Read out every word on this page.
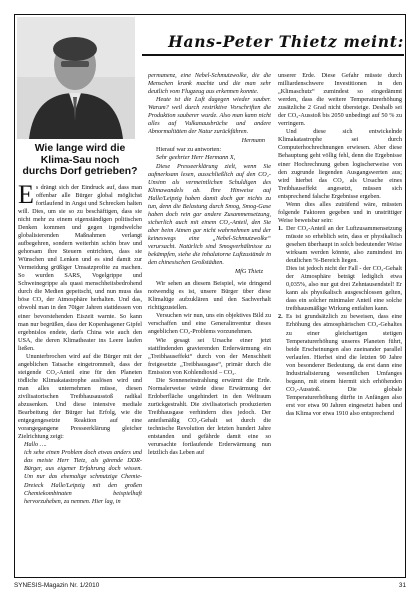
Hans-Peter Thietz meint:
Wie lange wird die
Klima-Sau noch
durchs Dorf getrieben?

Es drängt sich der Eindruck auf, dass man offenbar alle Bürger global möglichst fortlaufend in Angst und Schrecken halten will. Dies, um sie so zu beschäftigen, dass sie nicht mehr zu einem eigenständigen politischen Denken kommen und gegen irgendwelche globalisierenden Maßnahmen verlangt aufbegehren, sondern weiterhin schön brav und gehorsam ihre Steuern entrichten, dass sie Wünschen und Lenken und es sind damit zur Vermeidung grüßiger Umsatzprofite zu machen. So wurden SARS, Vogelgrippe und Schweinegrippe als quasi menschheitsbedrohend durch die Medien gepeitscht, und nun muss das böse CO₂ der Atmosphäre herhalten. Und das, obwohl man in den 70iger Jahren stattdessen von einer bevorstehenden Eiszeit warnte. So kann man nur begrüßen, dass der Kopenhagener Gipfel ergebnislos endete, darfs China wie auch den USA, die deren Klimatheater ins Leere laufen ließen.

Ununterbrochen wird auf die Bürger mit der angeblichen Tatsache eingetrommelt, dass der steigende CO₂-Anteil eine für den Planeten tödliche Klimakatastrophe auslösen wird und man alles unternehmen müsse, diesen zivilisatorischen Treibhausausstoß radikal abzusenken. Und diese intensive mediale Bearbeitung der Bürger hat Erfolg, wie die entgegengesetzte Reaktion auf eine vorangegangene Presseerklärung gleicher Zielrichtung zeigt:

Hallo ….

ich sehe einen Problem doch etwas anders und das meiste Herr Tietz, als gärende DDR-Bürger, aus eigener Erfahrung doch wissen. Um nur das ehemalige schmutzige Chemie-Dreieck Halle/Leipzig mit den großen Chemiekombinaten beispielhaft hervorzuheben, zu nennen. Hier lag, in

permanenz, eine Nebel-Schmutzwolke, die die Menschen krank machte und die man sehr deutlich vom Flugzeug aus erkennen konnte.

Heute ist die Luft dagegen wieder sauber. Warum? weil durch restriktive Vorschriften die Produktion sauberer wurde. Also man kann nicht alles auf Vulkanausbrüche und andere Abnormalitäten der Natur zurückführen.

Hermann

Hierauf war zu antworten:

Sehr geehrter Herr Hermann X,

Diese Presseerklärung zielt, wenn Sie aufmerksam lesen, ausschließlich auf den CO₂-Unsinn als vermeintlichen Schuldigen des Klimawandels ab. Ihre Hinweise auf Halle/Leipzig haben damit doch gar nichts zu tun, denn die Belastung durch Smog, Smog-Gase haben doch rein gar andere Zusammensetzung, sicherlich auch mit einem CO₂-Anteil, den Sie aber beim Atmen gar nicht wahrnehmen und der keineswegs eine „Nebel-Schmutzwolke“ verursacht. Natürlich sind Smogverhältnisse zu bekämpfen, siehe die inhalatorne Luftzustände in den chinesischen Großstädten.

MfG Thietz

Wir sehen an diesem Beispiel, wie dringend notwendig es ist, unsere Bürger über diese Klimalüge aufzuklären und den Sachverhalt richtigzustellen.

Versuchen wir nun, uns ein objektives Bild zu verschaffen und eine Generalinventur dieses angeblichen CO₂-Problems vorzunehmen.

Wie gesagt sei Ursache einer jetzt stattfindenden gravierenden Erderwärmung ein „Treibhauseffekt“ durch von der Menschheit freigesetzte „Treibhausgase“, primär durch die Emission von Kohlendioxid – CO₂.

Die Sonneneinstrahlung erwärmt die Erde. Normalerweise würde diese Erwärmung der Erdoberfläche ungehindert in den Weltraum zurückgestrahlt. Die zivilisatorisch produzierten Treibhausgase verhindern dies jedoch. Der anteilsmäßig CO₂-Gehalt sei durch die technische Revolution der letzten hundert Jahre entstanden und gefährde damit eine so verursachte fortlaufende Erderwärmung nun letztlich das Leben auf

unserer Erde. Diese Gefahr müsste durch milliardenschwere Investitionen in den „Klimaschutz“ zumindest so eingedämmt werden, dass die weitere Temperaturerhöhung zusätzliche 2 Grad nicht übersteige. Deshalb sei der CO₂-Ausstoß bis 2050 unbedingt auf 50 % zu verringern.

Und diese sich entwickelnde Klimakatastrophe sei durch Computerhochrechnungen erwiesen. Aber diese Behauptung geht völlig fehl, denn die Ergebnisse einer Hochrechnung geben logischerweise von den zugrunde liegenden Ausgangswerten aus; wird hierbei das CO₂ als Ursache eines Treibhauseffekt angesetzt, müssen sich entsprechend falsche Ergebnisse ergeben.

Wenn dies alles zuträfend wäre, müssten folgende Faktoren gegeben und in unstrittiger Weise beweisbar sein:

1. Der CO₂-Anteil an der Luftzusammensetzung müsste so erheblich sein, dass er physikalisch gesehen überhaupt in solch bedeutender Weise wirksam werden könnte, also zumindest im deutlichen %-Bereich liegen.

Dies ist jedoch nicht der Fall - der CO₂-Gehalt der Atmosphäre beträgt lediglich etwa 0,035%, also nur gut drei Zehntausendstel! Er kann als physikalisch ausgeschlossen gelten, dass ein solcher minimaler Anteil eine solche treibhausmäßige Wirkung entfalten kann.

2. Es ist grundsätzlich zu beweisen, dass eine Erhöhung des atmosphärischen CO₂-Gehaltes zu einer gleichartigen stetigen Temperaturerhöhung unseres Planeten führt, beide Erscheinungen also zueinander parallel verlaufen. Hierbei sind die letzten 90 Jahre von besonderer Bedeutung, da erst dann eine Industrialisierung wesentlichen Umfanges begann, mit einem hiermit sich erhöhenden CO₂-Ausstoß. Die globale Temperaturerhöhung dürfte in Anfängen also erst vor etwa 90 Jahren eingesetzt haben und das Klima vor etwa 1910 also entsprechend

SYNESIS-Magazin Nr. 1/2010	31
